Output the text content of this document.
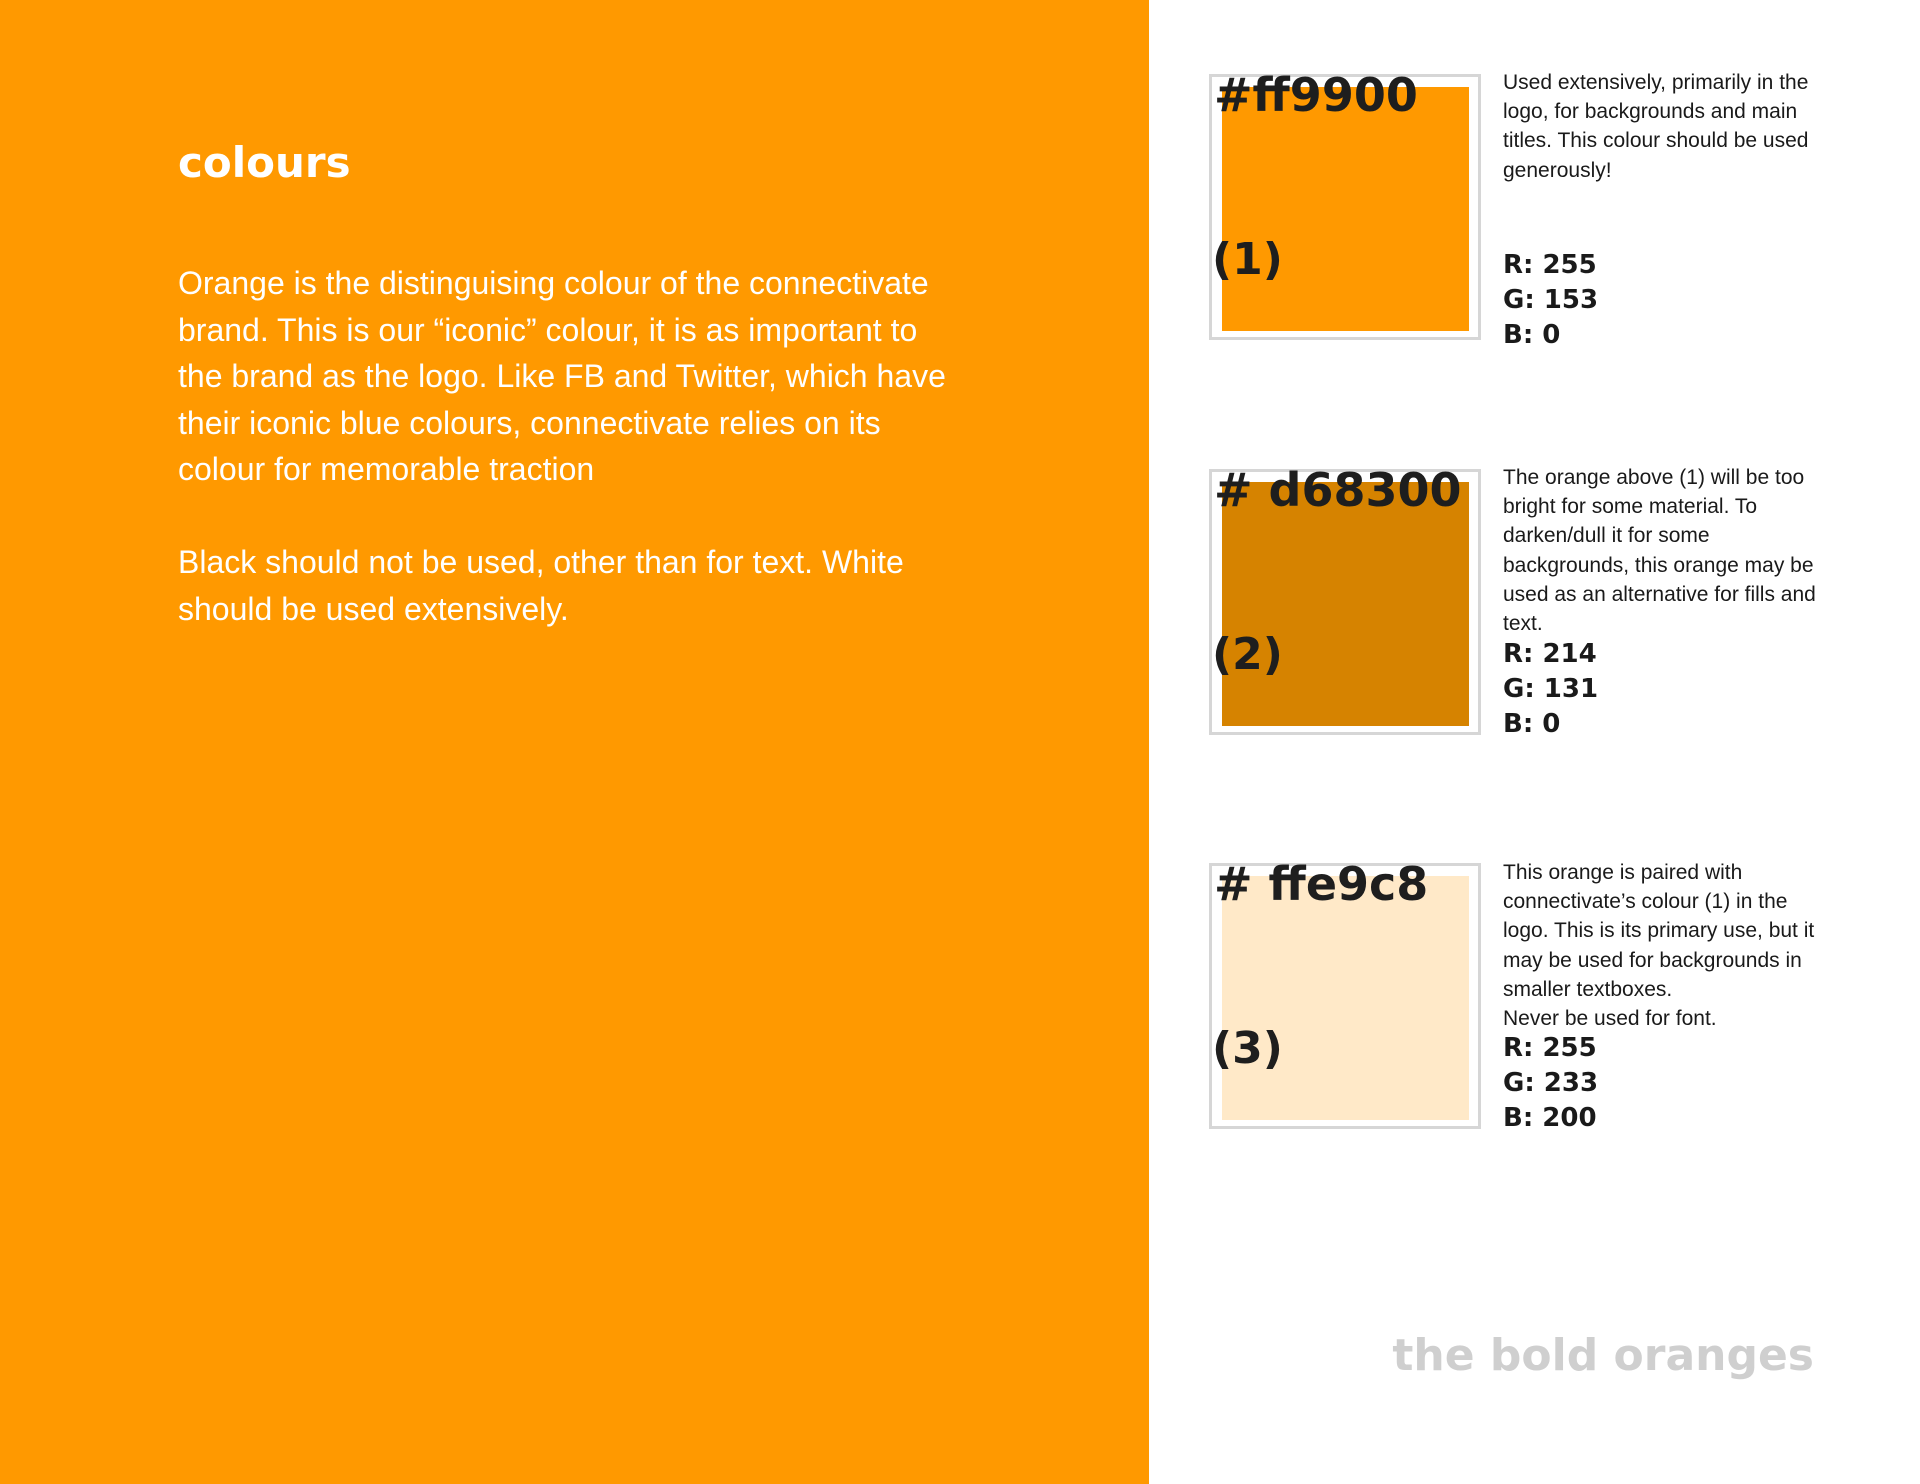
colours

Orange is the distinguising colour of the connectivate brand. This is our “iconic” colour, it is as important to the brand as the logo. Like FB and Twitter, which have their iconic blue colours, connectivate relies on its colour for memorable traction

Black should not be used, other than for text. White should be used extensively.

#ff9900
(1)

Used extensively, primarily in the logo, for backgrounds and main titles. This colour should be used generously!

R: 255
G: 153
B: 0
# d68300
(2)

The orange above (1) will be too bright for some material. To darken/dull it for some backgrounds, this orange may be used as an alternative for fills and text.

R: 214
G: 131
B: 0
# ffe9c8
(3)
This orange is paired with connectivate’s colour (1) in the logo. This is its primary use, but it may be used for backgrounds in smaller textboxes.
Never be used for font.
R: 255
G: 233
B: 200
the bold oranges
